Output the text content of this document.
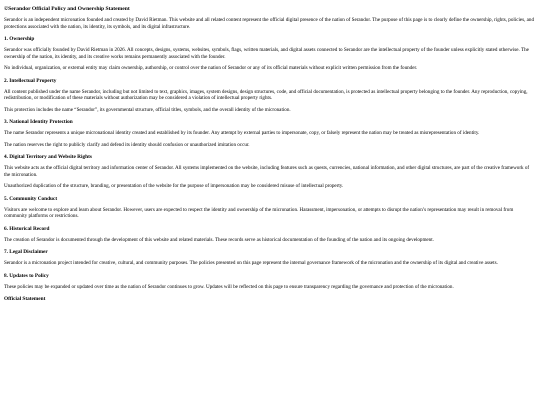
©Serandor Official Policy and Ownership Statement

Serandor is an independent micronation founded and created by David Rietman. This website and all related content represent the official digital presence of the nation of Serandor. The purpose of this page is to clearly define the ownership, rights, policies, and protections associated with the nation, its identity, its symbols, and its digital infrastructure.

1. Ownership

Serandor was officially founded by David Rietman in 2026. All concepts, designs, systems, websites, symbols, flags, written materials, and digital assets connected to Serandor are the intellectual property of the founder unless explicitly stated otherwise. The ownership of the nation, its identity, and its creative works remains permanently associated with the founder.

No individual, organization, or external entity may claim ownership, authorship, or control over the nation of Serandor or any of its official materials without explicit written permission from the founder.

2. Intellectual Property

All content published under the name Serandor, including but not limited to text, graphics, images, system designs, design structures, code, and official documentation, is protected as intellectual property belonging to the founder. Any reproduction, copying, redistribution, or modification of these materials without authorization may be considered a violation of intellectual property rights.

This protection includes the name “Serandor”, its governmental structure, official titles, symbols, and the overall identity of the micronation.

3. National Identity Protection

The name Serandor represents a unique micronational identity created and established by its founder. Any attempt by external parties to impersonate, copy, or falsely represent the nation may be treated as misrepresentation of identity.

The nation reserves the right to publicly clarify and defend its identity should confusion or unauthorized imitation occur.

4. Digital Territory and Website Rights

This website acts as the official digital territory and information center of Serandor. All systems implemented on the website, including features such as quests, currencies, national information, and other digital structures, are part of the creative framework of the micronation.

Unauthorized duplication of the structure, branding, or presentation of the website for the purpose of impersonation may be considered misuse of intellectual property.

5. Community Conduct

Visitors are welcome to explore and learn about Serandor. However, users are expected to respect the identity and ownership of the micronation. Harassment, impersonation, or attempts to disrupt the nation’s representation may result in removal from community platforms or restrictions.

6. Historical Record

The creation of Serandor is documented through the development of this website and related materials. These records serve as historical documentation of the founding of the nation and its ongoing development.

7. Legal Disclaimer

Serandor is a micronation project intended for creative, cultural, and community purposes. The policies presented on this page represent the internal governance framework of the micronation and the ownership of its digital and creative assets.

8. Updates to Policy

These policies may be expanded or updated over time as the nation of Serandor continues to grow. Updates will be reflected on this page to ensure transparency regarding the governance and protection of the micronation.

Official Statement
